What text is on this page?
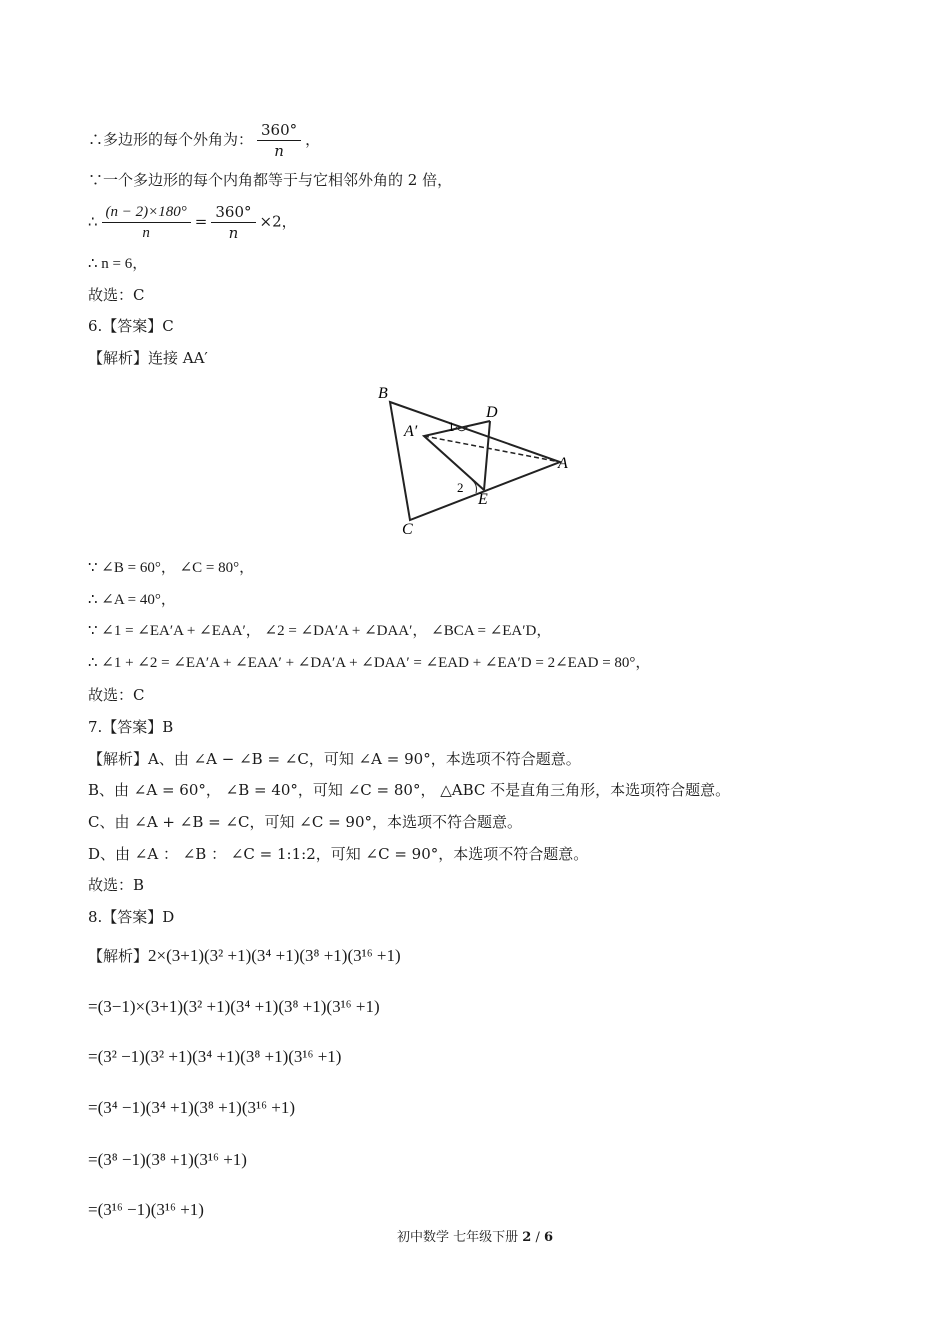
∴多边形的每个外角为： $\frac{360^\circ}{n}$ ，
∵一个多边形的每个内角都等于与它相邻外角的 2 倍，
∴ $\frac{(n - 2)\times 180^\circ}{n} = \frac{360^\circ}{n} \times 2$，
∴ n = 6，
故选：C
6.【答案】C
【解析】连接 AA′
B
C
D
A
A′
E
1
2
∵ ∠B = 60°， ∠C = 80°，
∴ ∠A = 40°，
∵ ∠1 = ∠EA′A + ∠EAA′， ∠2 = ∠DA′A + ∠DAA′， ∠BCA = ∠EA′D，
∴ ∠1 + ∠2 = ∠EA′A + ∠EAA′ + ∠DA′A + ∠DAA′ = ∠EAD + ∠EA′D = 2∠EAD = 80°，
故选：C
7.【答案】B
【解析】A、由 ∠A − ∠B = ∠C，可知 ∠A = 90°，本选项不符合题意。
B、由 ∠A = 60°， ∠B = 40°，可知 ∠C = 80°， △ABC 不是直角三角形，本选项符合题意。
C、由 ∠A + ∠B = ∠C，可知 ∠C = 90°，本选项不符合题意。
D、由 ∠A ： ∠B ： ∠C = 1:1:2，可知 ∠C = 90°，本选项不符合题意。
故选：B
8.【答案】D
【解析】2×(3+1)(3² +1)(3⁴ +1)(3⁸ +1)(3¹⁶ +1)
=(3−1)×(3+1)(3² +1)(3⁴ +1)(3⁸ +1)(3¹⁶ +1)
=(3² −1)(3² +1)(3⁴ +1)(3⁸ +1)(3¹⁶ +1)
=(3⁴ −1)(3⁴ +1)(3⁸ +1)(3¹⁶ +1)
=(3⁸ −1)(3⁸ +1)(3¹⁶ +1)
=(3¹⁶ −1)(3¹⁶ +1)
初中数学 七年级下册 2 / 6
